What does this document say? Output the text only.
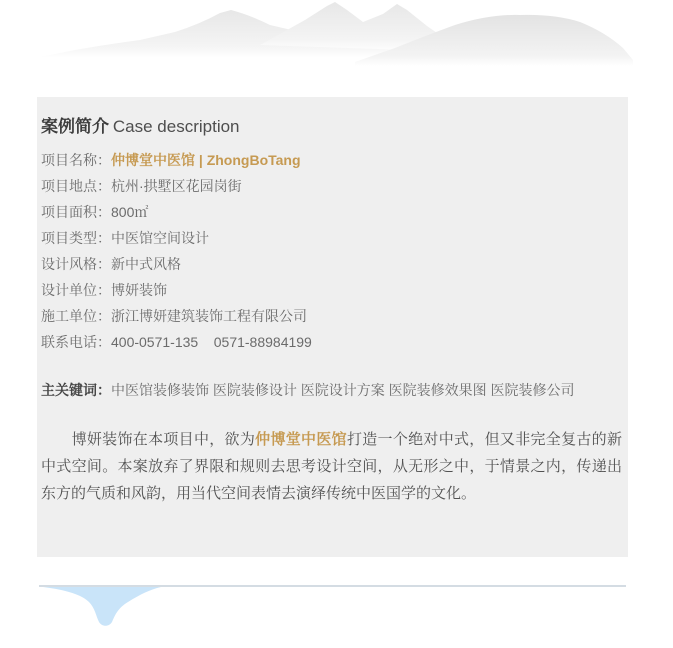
案例简介 Case description
项目名称：仲博堂中医馆 | ZhongBoTang
项目地点：杭州·拱墅区花园岗街
项目面积：800㎡
项目类型：中医馆空间设计
设计风格：新中式风格
设计单位：博妍装饰
施工单位：浙江博妍建筑装饰工程有限公司
联系电话：400-0571-135    0571-88984199
主关键词：中医馆装修装饰 医院装修设计 医院设计方案 医院装修效果图 医院装修公司
　　博妍装饰在本项目中，欲为仲博堂中医馆打造一个绝对中式，但又非完全复古的新中式空间。本案放弃了界限和规则去思考设计空间，从无形之中，于情景之内，传递出东方的气质和风韵，用当代空间表情去演绎传统中医国学的文化。
